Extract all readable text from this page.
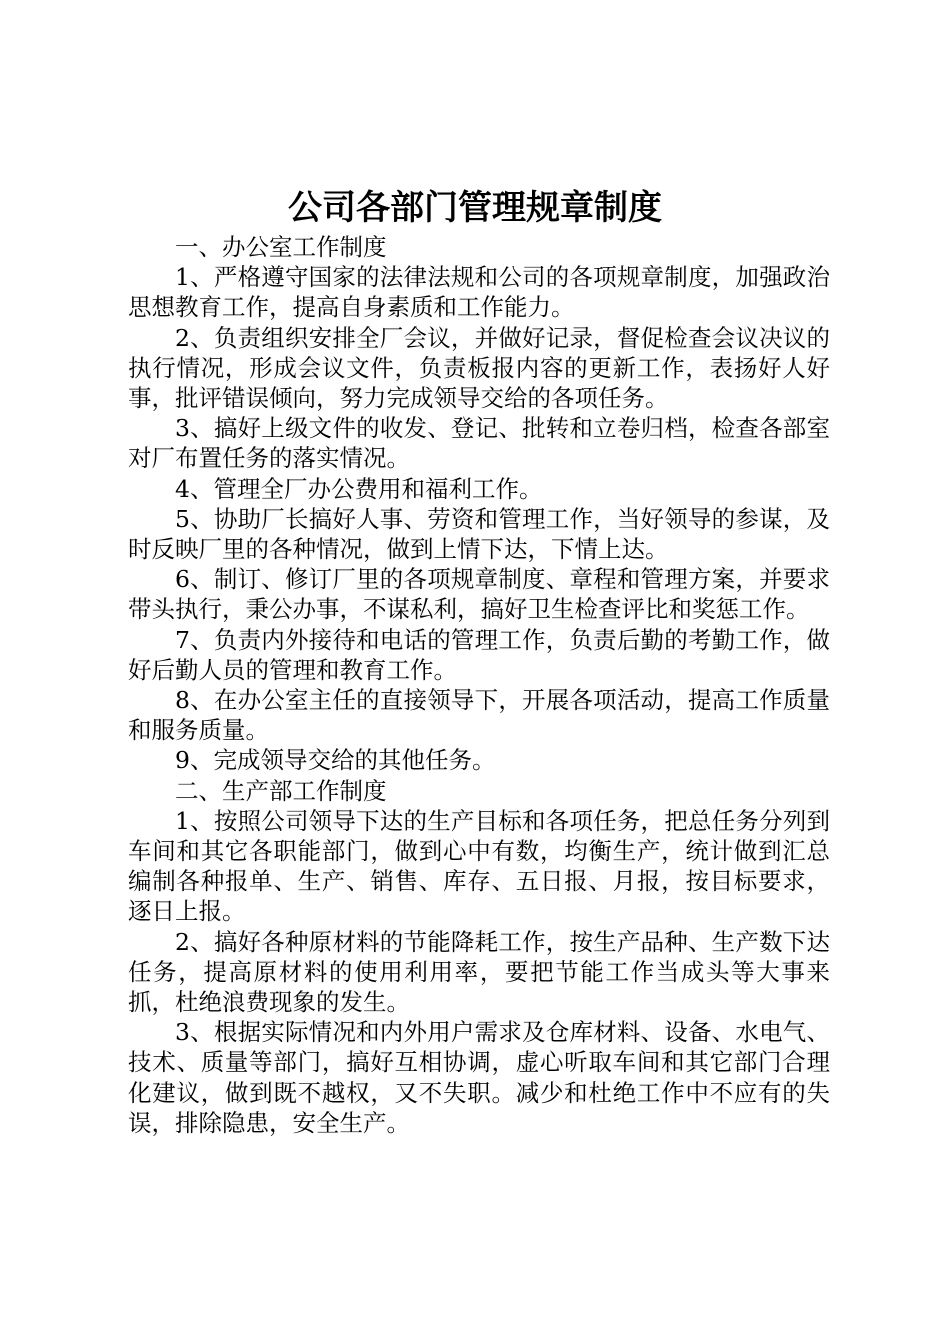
公司各部门管理规章制度

一、办公室工作制度

1、严格遵守国家的法律法规和公司的各项规章制度，加强政治思想教育工作，提高自身素质和工作能力。

2、负责组织安排全厂会议，并做好记录，督促检查会议决议的执行情况，形成会议文件，负责板报内容的更新工作，表扬好人好事，批评错误倾向，努力完成领导交给的各项任务。

3、搞好上级文件的收发、登记、批转和立卷归档，检查各部室对厂布置任务的落实情况。

4、管理全厂办公费用和福利工作。

5、协助厂长搞好人事、劳资和管理工作，当好领导的参谋，及时反映厂里的各种情况，做到上情下达，下情上达。

6、制订、修订厂里的各项规章制度、章程和管理方案，并要求带头执行，秉公办事，不谋私利，搞好卫生检查评比和奖惩工作。

7、负责内外接待和电话的管理工作，负责后勤的考勤工作，做好后勤人员的管理和教育工作。

8、在办公室主任的直接领导下，开展各项活动，提高工作质量和服务质量。

9、完成领导交给的其他任务。

二、生产部工作制度

1、按照公司领导下达的生产目标和各项任务，把总任务分列到车间和其它各职能部门，做到心中有数，均衡生产，统计做到汇总编制各种报单、生产、销售、库存、五日报、月报，按目标要求，逐日上报。

2、搞好各种原材料的节能降耗工作，按生产品种、生产数下达任务，提高原材料的使用利用率，要把节能工作当成头等大事来抓，杜绝浪费现象的发生。

3、根据实际情况和内外用户需求及仓库材料、设备、水电气、技术、质量等部门，搞好互相协调，虚心听取车间和其它部门合理化建议，做到既不越权，又不失职。减少和杜绝工作中不应有的失误，排除隐患，安全生产。
